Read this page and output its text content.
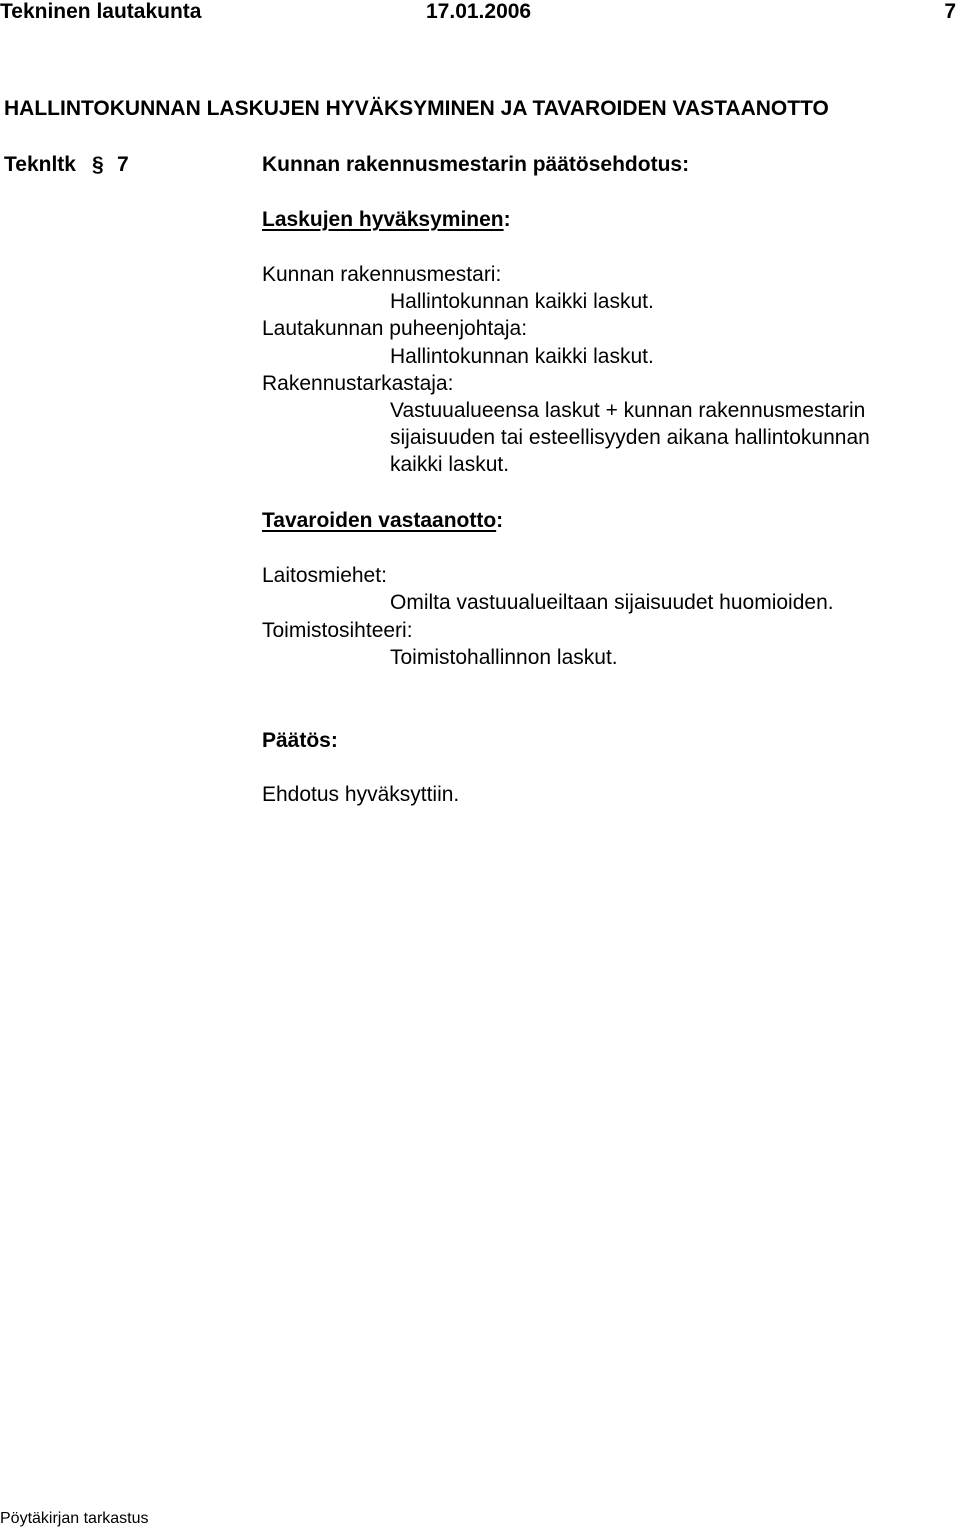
Tekninen lautakunta	17.01.2006	7
HALLINTOKUNNAN LASKUJEN HYVÄKSYMINEN JA TAVAROIDEN VASTAANOTTO
Teknltk § 7	Kunnan rakennusmestarin päätösehdotus:
Laskujen hyväksyminen:
Kunnan rakennusmestari:
Hallintokunnan kaikki laskut.
Lautakunnan puheenjohtaja:
Hallintokunnan kaikki laskut.
Rakennustarkastaja:
Vastuualueensa laskut + kunnan rakennusmestarin
sijaisuuden tai esteellisyyden aikana hallintokunnan
kaikki laskut.
Tavaroiden vastaanotto:
Laitosmiehet:
Omilta vastuualueiltaan sijaisuudet huomioiden.
Toimistosihteeri:
Toimistohallinnon laskut.
Päätös:
Ehdotus hyväksyttiin.
Pöytäkirjan tarkastus
